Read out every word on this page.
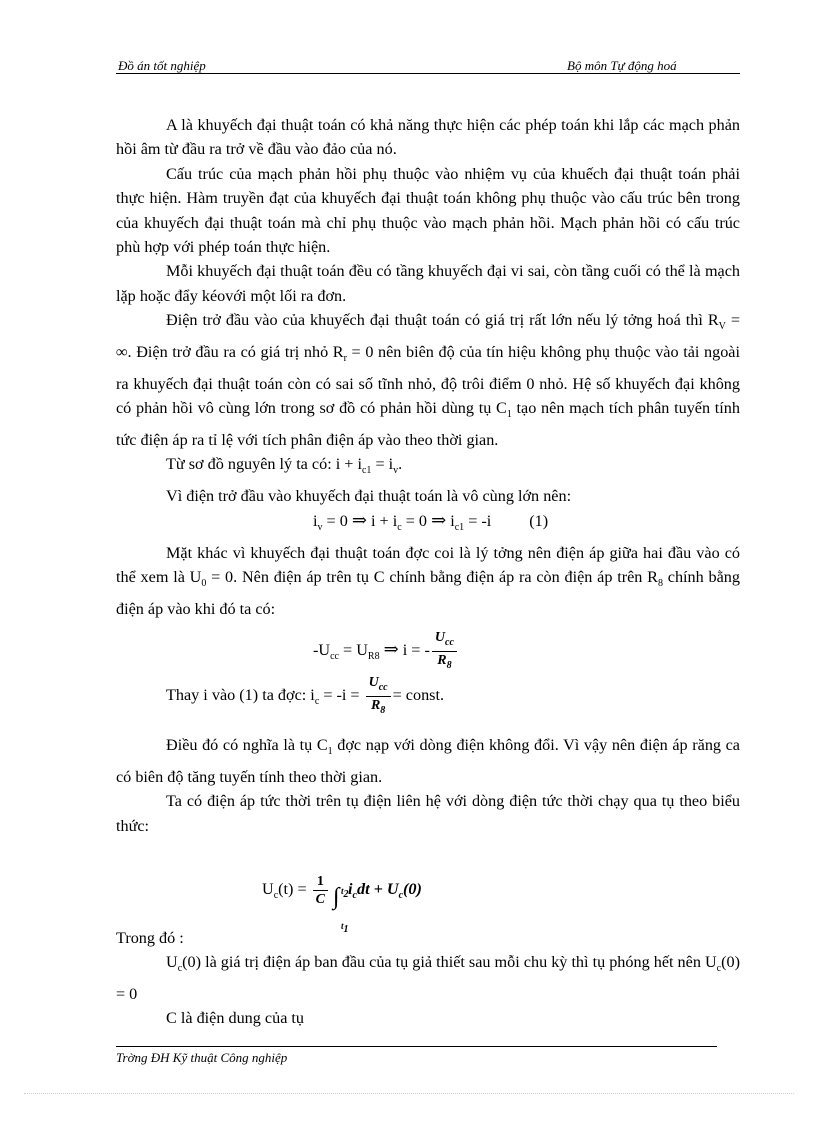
Đồ án tốt nghiệp	Bộ môn Tự động hoá

A là khuyếch đại thuật toán có khả năng thực hiện các phép toán khi lắp các mạch phản hồi âm từ đầu ra trở về đầu vào đảo của nó.

Cấu trúc của mạch phản hồi phụ thuộc vào nhiệm vụ của khuếch đại thuật toán phải thực hiện. Hàm truyền đạt của khuyếch đại thuật toán không phụ thuộc vào cấu trúc bên trong của khuyếch đại thuật toán mà chỉ phụ thuộc vào mạch phản hồi. Mạch phản hồi có cấu trúc phù hợp với phép toán thực hiện.

Mỗi khuyếch đại thuật toán đều có tầng khuyếch đại vi sai, còn tầng cuối có thể là mạch lặp hoặc đẩy kéovới một lối ra đơn.

Điện trở đầu vào của khuyếch đại thuật toán có giá trị rất lớn nếu lý tởng hoá thì $R_V$ = ∞. Điện trở đầu ra có giá trị nhỏ $R_r = 0$ nên biên độ của tín hiệu không phụ thuộc vào tải ngoài ra khuyếch đại thuật toán còn có sai số tĩnh nhỏ, độ trôi điểm 0 nhỏ. Hệ số khuyếch đại không có phản hồi vô cùng lớn trong sơ đồ có phản hồi dùng tụ $C_1$ tạo nên mạch tích phân tuyến tính tức điện áp ra tỉ lệ với tích phân điện áp vào theo thời gian.

Từ sơ đồ nguyên lý ta có: $i + i_{c1} = i_v$.

Vì điện trở đầu vào khuyếch đại thuật toán là vô cùng lớn nên:

$i_v = 0$ ⇒ $i + i_c = 0$ ⇒ $i_{c1} = -i$ (1)

Mặt khác vì khuyếch đại thuật toán đợc coi là lý tởng nên điện áp giữa hai đầu vào có thể xem là $U_0 = 0$. Nên điện áp trên tụ C chính bằng điện áp ra còn điện áp trên $R_8$ chính bằng điện áp vào khi đó ta có:

$-U_{cc} = U_{R8}$ ⇒ i = - $\frac{U_{cc}}{R_8}$
Thay i vào (1) ta đợc: $i_c = -i = \frac{U_{cc}}{R_8}$ = const.

Điều đó có nghĩa là tụ $C_1$ đợc nạp với dòng điện không đổi. Vì vậy nên điện áp răng ca có biên độ tăng tuyến tính theo thời gian.

Ta có điện áp tức thời trên tụ điện liên hệ với dòng điện tức thời chạy qua tụ theo biểu thức:

$U_c(t) = \frac{1}{C} t_2$
∫
$t_1$
$i_cdt + U_c(0)$

Trong đó :

$U_c(0)$ là giá trị điện áp ban đầu của tụ giả thiết sau mỗi chu kỳ thì tụ phóng hết nên $U_c(0) = 0$

C là điện dung của tụ

Trờng ĐH Kỹ thuật Công nghiệp
